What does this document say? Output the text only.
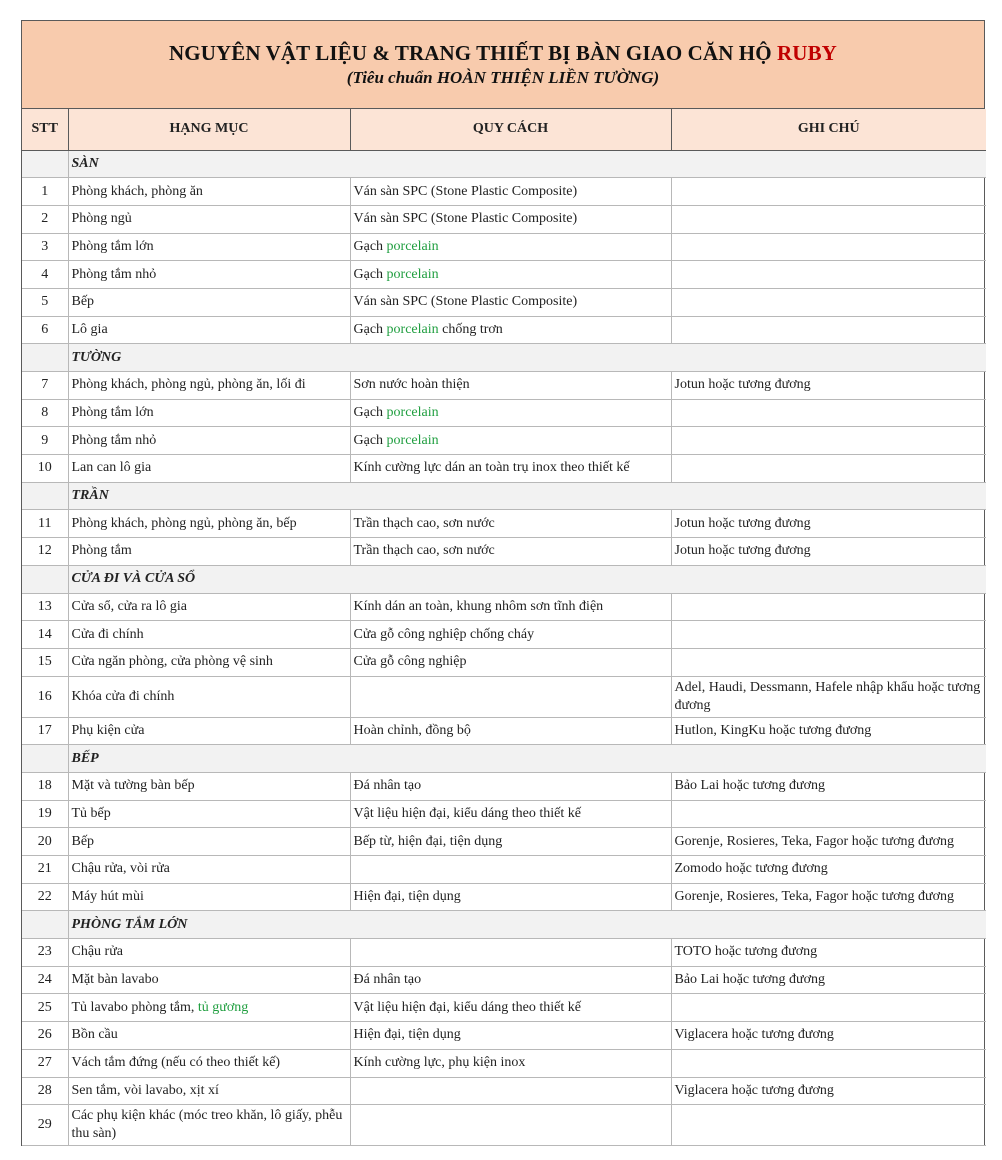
NGUYÊN VẬT LIỆU & TRANG THIẾT BỊ BÀN GIAO CĂN HỘ RUBY
(Tiêu chuẩn HOÀN THIỆN LIỀN TƯỜNG)
STT	HẠNG MỤC	QUY CÁCH	GHI CHÚ
	SÀN		
1	Phòng khách, phòng ăn	Ván sàn SPC (Stone Plastic Composite)	
2	Phòng ngủ	Ván sàn SPC (Stone Plastic Composite)	
3	Phòng tắm lớn	Gạch porcelain	
4	Phòng tắm nhỏ	Gạch porcelain	
5	Bếp	Ván sàn SPC (Stone Plastic Composite)	
6	Lô gia	Gạch porcelain chống trơn	
	TƯỜNG		
7	Phòng khách, phòng ngủ, phòng ăn, lối đi	Sơn nước hoàn thiện	Jotun hoặc tương đương
8	Phòng tắm lớn	Gạch porcelain	
9	Phòng tắm nhỏ	Gạch porcelain	
10	Lan can lô gia	Kính cường lực dán an toàn trụ inox theo thiết kế	
	TRẦN		
11	Phòng khách, phòng ngủ, phòng ăn, bếp	Trần thạch cao, sơn nước	Jotun hoặc tương đương
12	Phòng tắm	Trần thạch cao, sơn nước	Jotun hoặc tương đương
	CỬA ĐI VÀ CỬA SỔ		
13	Cửa sổ, cửa ra lô gia	Kính dán an toàn, khung nhôm sơn tĩnh điện	
14	Cửa đi chính	Cửa gỗ công nghiệp chống cháy	
15	Cửa ngăn phòng, cửa phòng vệ sinh	Cửa gỗ công nghiệp	
16	Khóa cửa đi chính		Adel, Haudi, Dessmann, Hafele nhập khẩu hoặc tương đương
17	Phụ kiện cửa	Hoàn chỉnh, đồng bộ	Hutlon, KingKu hoặc tương đương
	BẾP		
18	Mặt và tường bàn bếp	Đá nhân tạo	Bảo Lai hoặc tương đương
19	Tủ bếp	Vật liệu hiện đại, kiểu dáng theo thiết kế	
20	Bếp	Bếp từ, hiện đại, tiện dụng	Gorenje, Rosieres, Teka, Fagor hoặc tương đương
21	Chậu rửa, vòi rửa		Zomodo hoặc tương đương
22	Máy hút mùi	Hiện đại, tiện dụng	Gorenje, Rosieres, Teka, Fagor hoặc tương đương
	PHÒNG TẮM LỚN		
23	Chậu rửa		TOTO hoặc tương đương
24	Mặt bàn lavabo	Đá nhân tạo	Bảo Lai hoặc tương đương
25	Tủ lavabo phòng tắm, tủ gương	Vật liệu hiện đại, kiểu dáng theo thiết kế	
26	Bồn cầu	Hiện đại, tiện dụng	Viglacera hoặc tương đương
27	Vách tắm đứng (nếu có theo thiết kế)	Kính cường lực, phụ kiện inox	
28	Sen tắm, vòi lavabo, xịt xí		Viglacera hoặc tương đương
29	Các phụ kiện khác (móc treo khăn, lô giấy, phễu thu sàn)		
